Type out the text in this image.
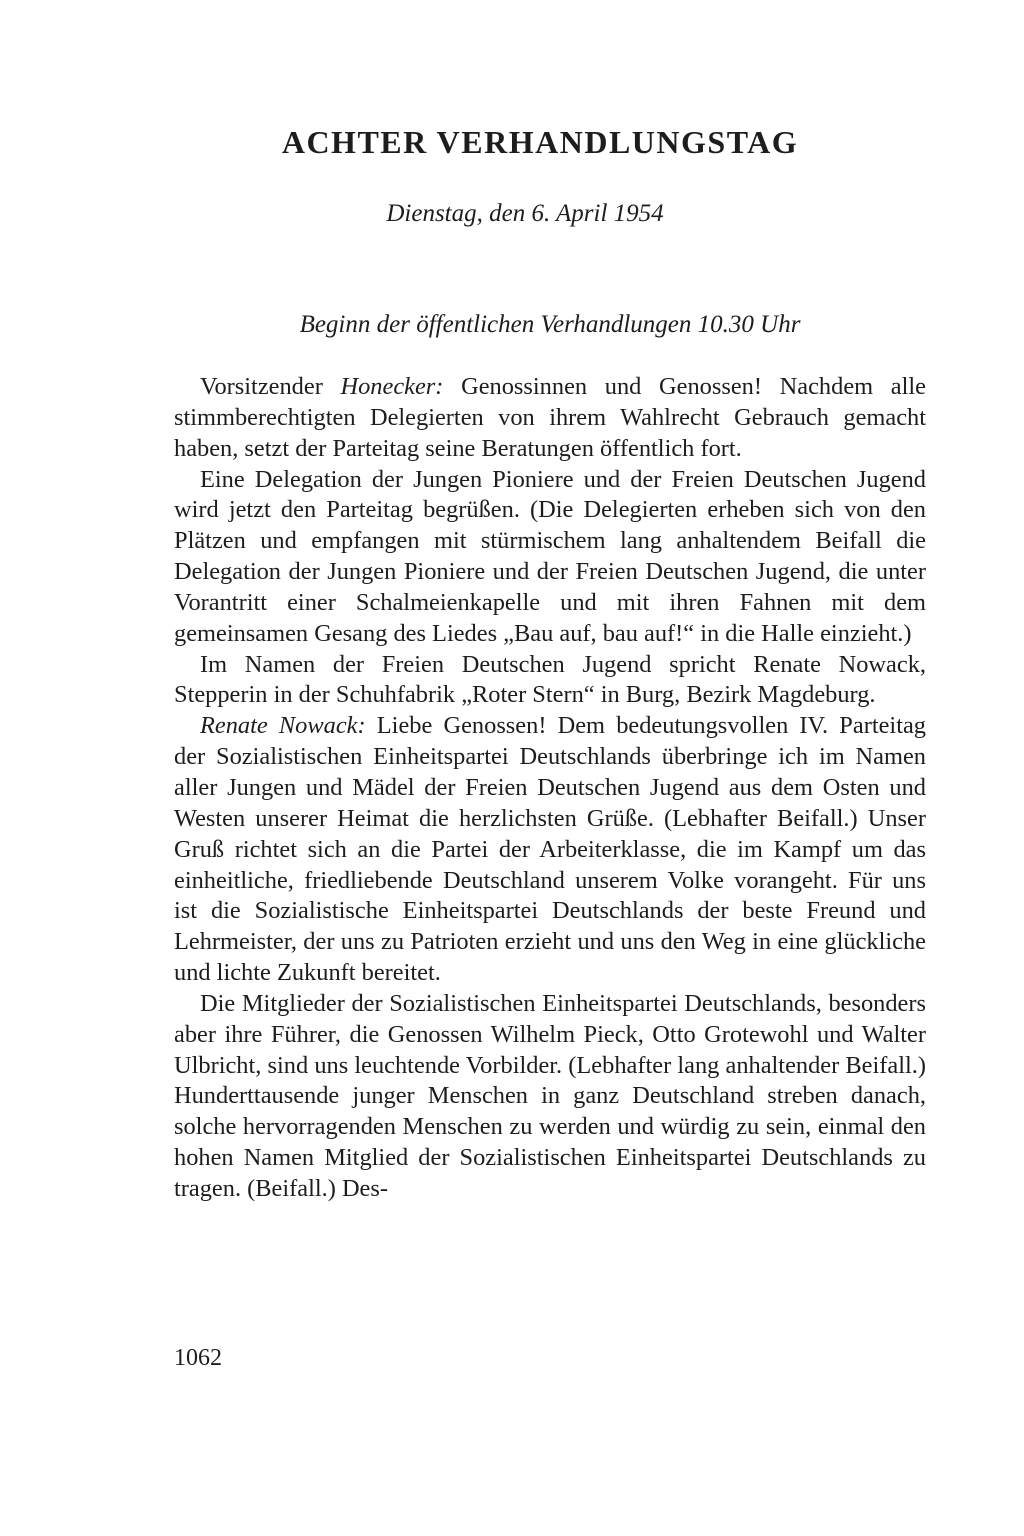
ACHTER VERHANDLUNGSTAG
Dienstag, den 6. April 1954
Beginn der öffentlichen Verhandlungen 10.30 Uhr

Vorsitzender Honecker: Genossinnen und Genossen! Nachdem alle stimmberechtigten Delegierten von ihrem Wahlrecht Gebrauch gemacht haben, setzt der Parteitag seine Beratungen öffentlich fort.

Eine Delegation der Jungen Pioniere und der Freien Deutschen Jugend wird jetzt den Parteitag begrüßen. (Die Delegierten erheben sich von den Plätzen und empfangen mit stürmischem lang anhaltendem Beifall die Delegation der Jungen Pioniere und der Freien Deutschen Jugend, die unter Vorantritt einer Schalmeienkapelle und mit ihren Fahnen mit dem gemeinsamen Gesang des Liedes „Bau auf, bau auf!“ in die Halle einzieht.)

Im Namen der Freien Deutschen Jugend spricht Renate Nowack, Stepperin in der Schuhfabrik „Roter Stern“ in Burg, Bezirk Magdeburg.

Renate Nowack: Liebe Genossen! Dem bedeutungsvollen IV. Parteitag der Sozialistischen Einheitspartei Deutschlands überbringe ich im Namen aller Jungen und Mädel der Freien Deutschen Jugend aus dem Osten und Westen unserer Heimat die herzlichsten Grüße. (Lebhafter Beifall.) Unser Gruß richtet sich an die Partei der Arbeiterklasse, die im Kampf um das einheitliche, friedliebende Deutschland unserem Volke vorangeht. Für uns ist die Sozialistische Einheitspartei Deutschlands der beste Freund und Lehrmeister, der uns zu Patrioten erzieht und uns den Weg in eine glückliche und lichte Zukunft bereitet.

Die Mitglieder der Sozialistischen Einheitspartei Deutschlands, besonders aber ihre Führer, die Genossen Wilhelm Pieck, Otto Grotewohl und Walter Ulbricht, sind uns leuchtende Vorbilder. (Lebhafter lang anhaltender Beifall.) Hunderttausende junger Menschen in ganz Deutschland streben danach, solche hervorragenden Menschen zu werden und würdig zu sein, einmal den hohen Namen Mitglied der Sozialistischen Einheitspartei Deutschlands zu tragen. (Beifall.) Des-

1062
